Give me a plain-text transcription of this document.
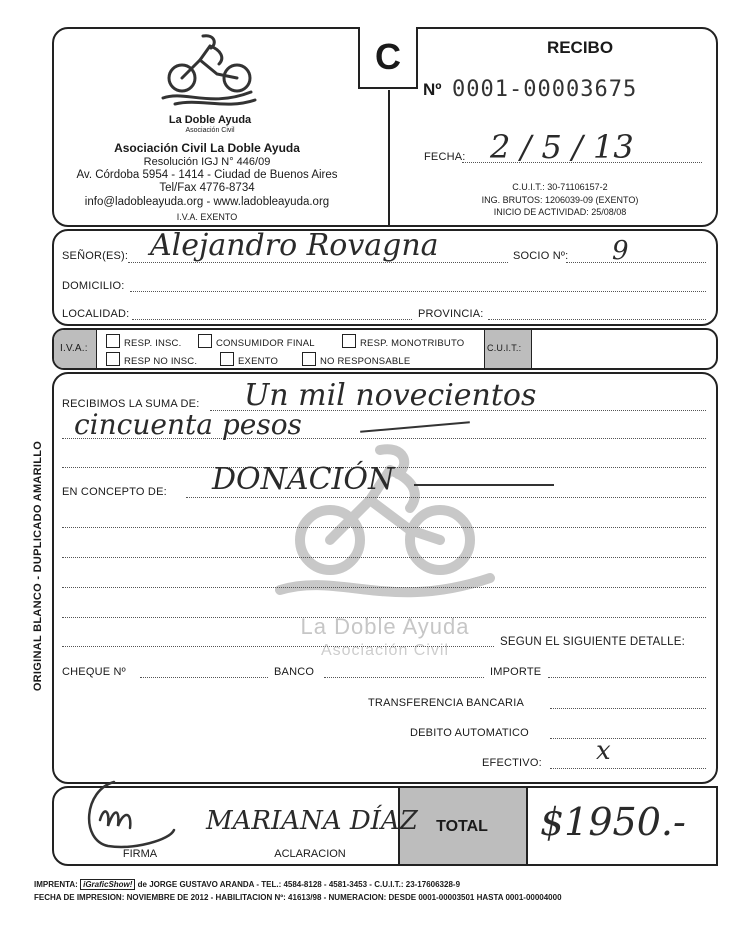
ORIGINAL BLANCO - DUPLICADO AMARILLO
C
La Doble Ayuda
Asociación Civil
Asociación Civil La Doble Ayuda
Resolución IGJ N° 446/09
Av. Córdoba 5954 - 1414 - Ciudad de Buenos Aires
Tel/Fax 4776-8734
info@ladobleayuda.org - www.ladobleayuda.org
I.V.A. EXENTO
RECIBO
Nº 0001-00003675
FECHA: 2 / 5 / 13
C.U.I.T.: 30-71106157-2
ING. BRUTOS: 1206039-09 (EXENTO)
INICIO DE ACTIVIDAD: 25/08/08
SEÑOR(ES): Alejandro Rovagna	SOCIO Nº: 9
DOMICILIO:
LOCALIDAD:	PROVINCIA:
I.V.A.:	RESP. INSC.	CONSUMIDOR FINAL	RESP. MONOTRIBUTO
RESP NO INSC.	EXENTO	NO RESPONSABLE
C.U.I.T.:
La Doble Ayuda
Asociación Civil
RECIBIMOS LA SUMA DE: Un mil novecientos
cincuenta pesos
EN CONCEPTO DE: DONACIÓN
SEGUN EL SIGUIENTE DETALLE:
CHEQUE Nº	BANCO	IMPORTE
TRANSFERENCIA BANCARIA
DEBITO AUTOMATICO
EFECTIVO: x
TOTAL	$1950.-
FIRMA
MARIANA DÍAZ
ACLARACION
IMPRENTA: iGraficShow! de JORGE GUSTAVO ARANDA - TEL.: 4584-8128 - 4581-3453 - C.U.I.T.: 23-17606328-9
FECHA DE IMPRESION: NOVIEMBRE DE 2012 - HABILITACION Nº: 41613/98 - NUMERACION: DESDE 0001-00003501 HASTA 0001-00004000
